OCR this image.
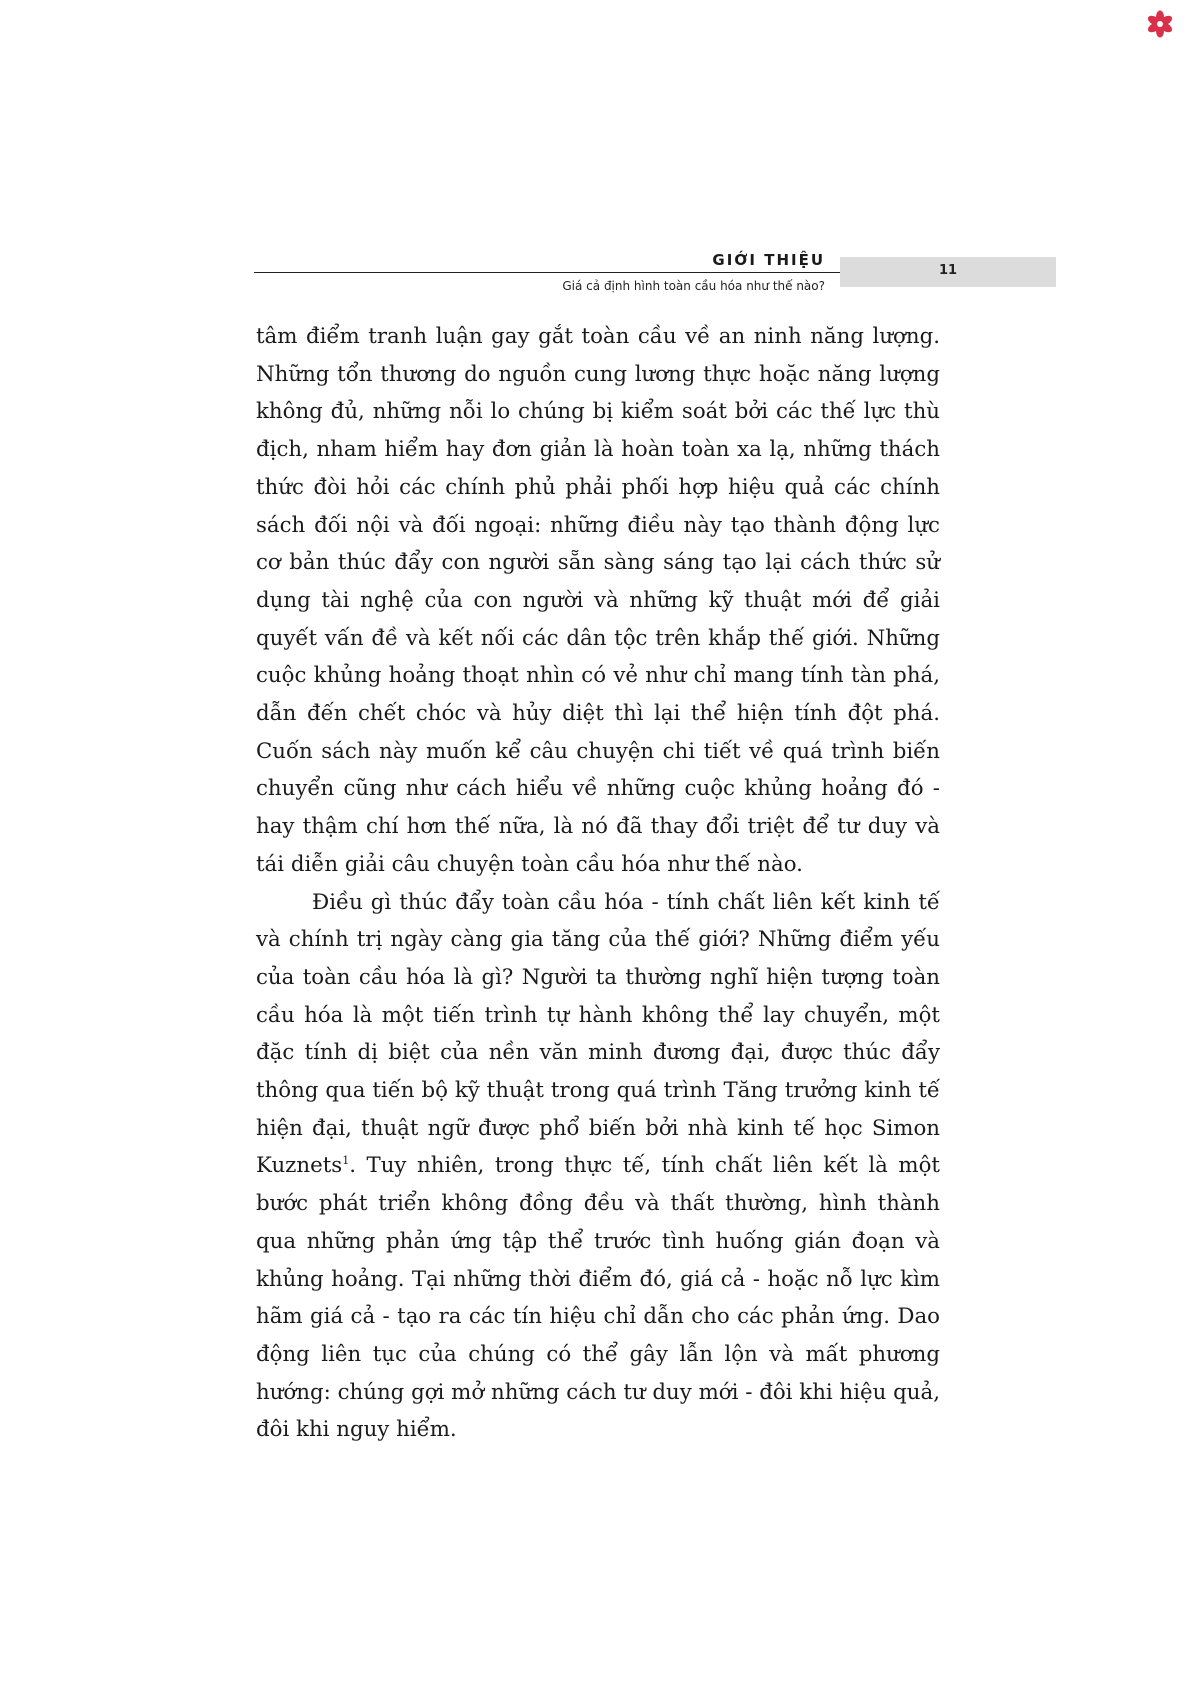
GIỚI THIỆU
Giá cả định hình toàn cầu hóa như thế nào?
11

tâm điểm tranh luận gay gắt toàn cầu về an ninh năng lượng. Những tổn thương do nguồn cung lương thực hoặc năng lượng không đủ, những nỗi lo chúng bị kiểm soát bởi các thế lực thù địch, nham hiểm hay đơn giản là hoàn toàn xa lạ, những thách thức đòi hỏi các chính phủ phải phối hợp hiệu quả các chính sách đối nội và đối ngoại: những điều này tạo thành động lực cơ bản thúc đẩy con người sẵn sàng sáng tạo lại cách thức sử dụng tài nghệ của con người và những kỹ thuật mới để giải quyết vấn đề và kết nối các dân tộc trên khắp thế giới. Những cuộc khủng hoảng thoạt nhìn có vẻ như chỉ mang tính tàn phá, dẫn đến chết chóc và hủy diệt thì lại thể hiện tính đột phá. Cuốn sách này muốn kể câu chuyện chi tiết về quá trình biến chuyển cũng như cách hiểu về những cuộc khủng hoảng đó - hay thậm chí hơn thế nữa, là nó đã thay đổi triệt để tư duy và tái diễn giải câu chuyện toàn cầu hóa như thế nào.

Điều gì thúc đẩy toàn cầu hóa - tính chất liên kết kinh tế và chính trị ngày càng gia tăng của thế giới? Những điểm yếu của toàn cầu hóa là gì? Người ta thường nghĩ hiện tượng toàn cầu hóa là một tiến trình tự hành không thể lay chuyển, một đặc tính dị biệt của nền văn minh đương đại, được thúc đẩy thông qua tiến bộ kỹ thuật trong quá trình Tăng trưởng kinh tế hiện đại, thuật ngữ được phổ biến bởi nhà kinh tế học Simon Kuznets$^1$. Tuy nhiên, trong thực tế, tính chất liên kết là một bước phát triển không đồng đều và thất thường, hình thành qua những phản ứng tập thể trước tình huống gián đoạn và khủng hoảng. Tại những thời điểm đó, giá cả - hoặc nỗ lực kìm hãm giá cả - tạo ra các tín hiệu chỉ dẫn cho các phản ứng. Dao động liên tục của chúng có thể gây lẫn lộn và mất phương hướng: chúng gợi mở những cách tư duy mới - đôi khi hiệu quả, đôi khi nguy hiểm.
